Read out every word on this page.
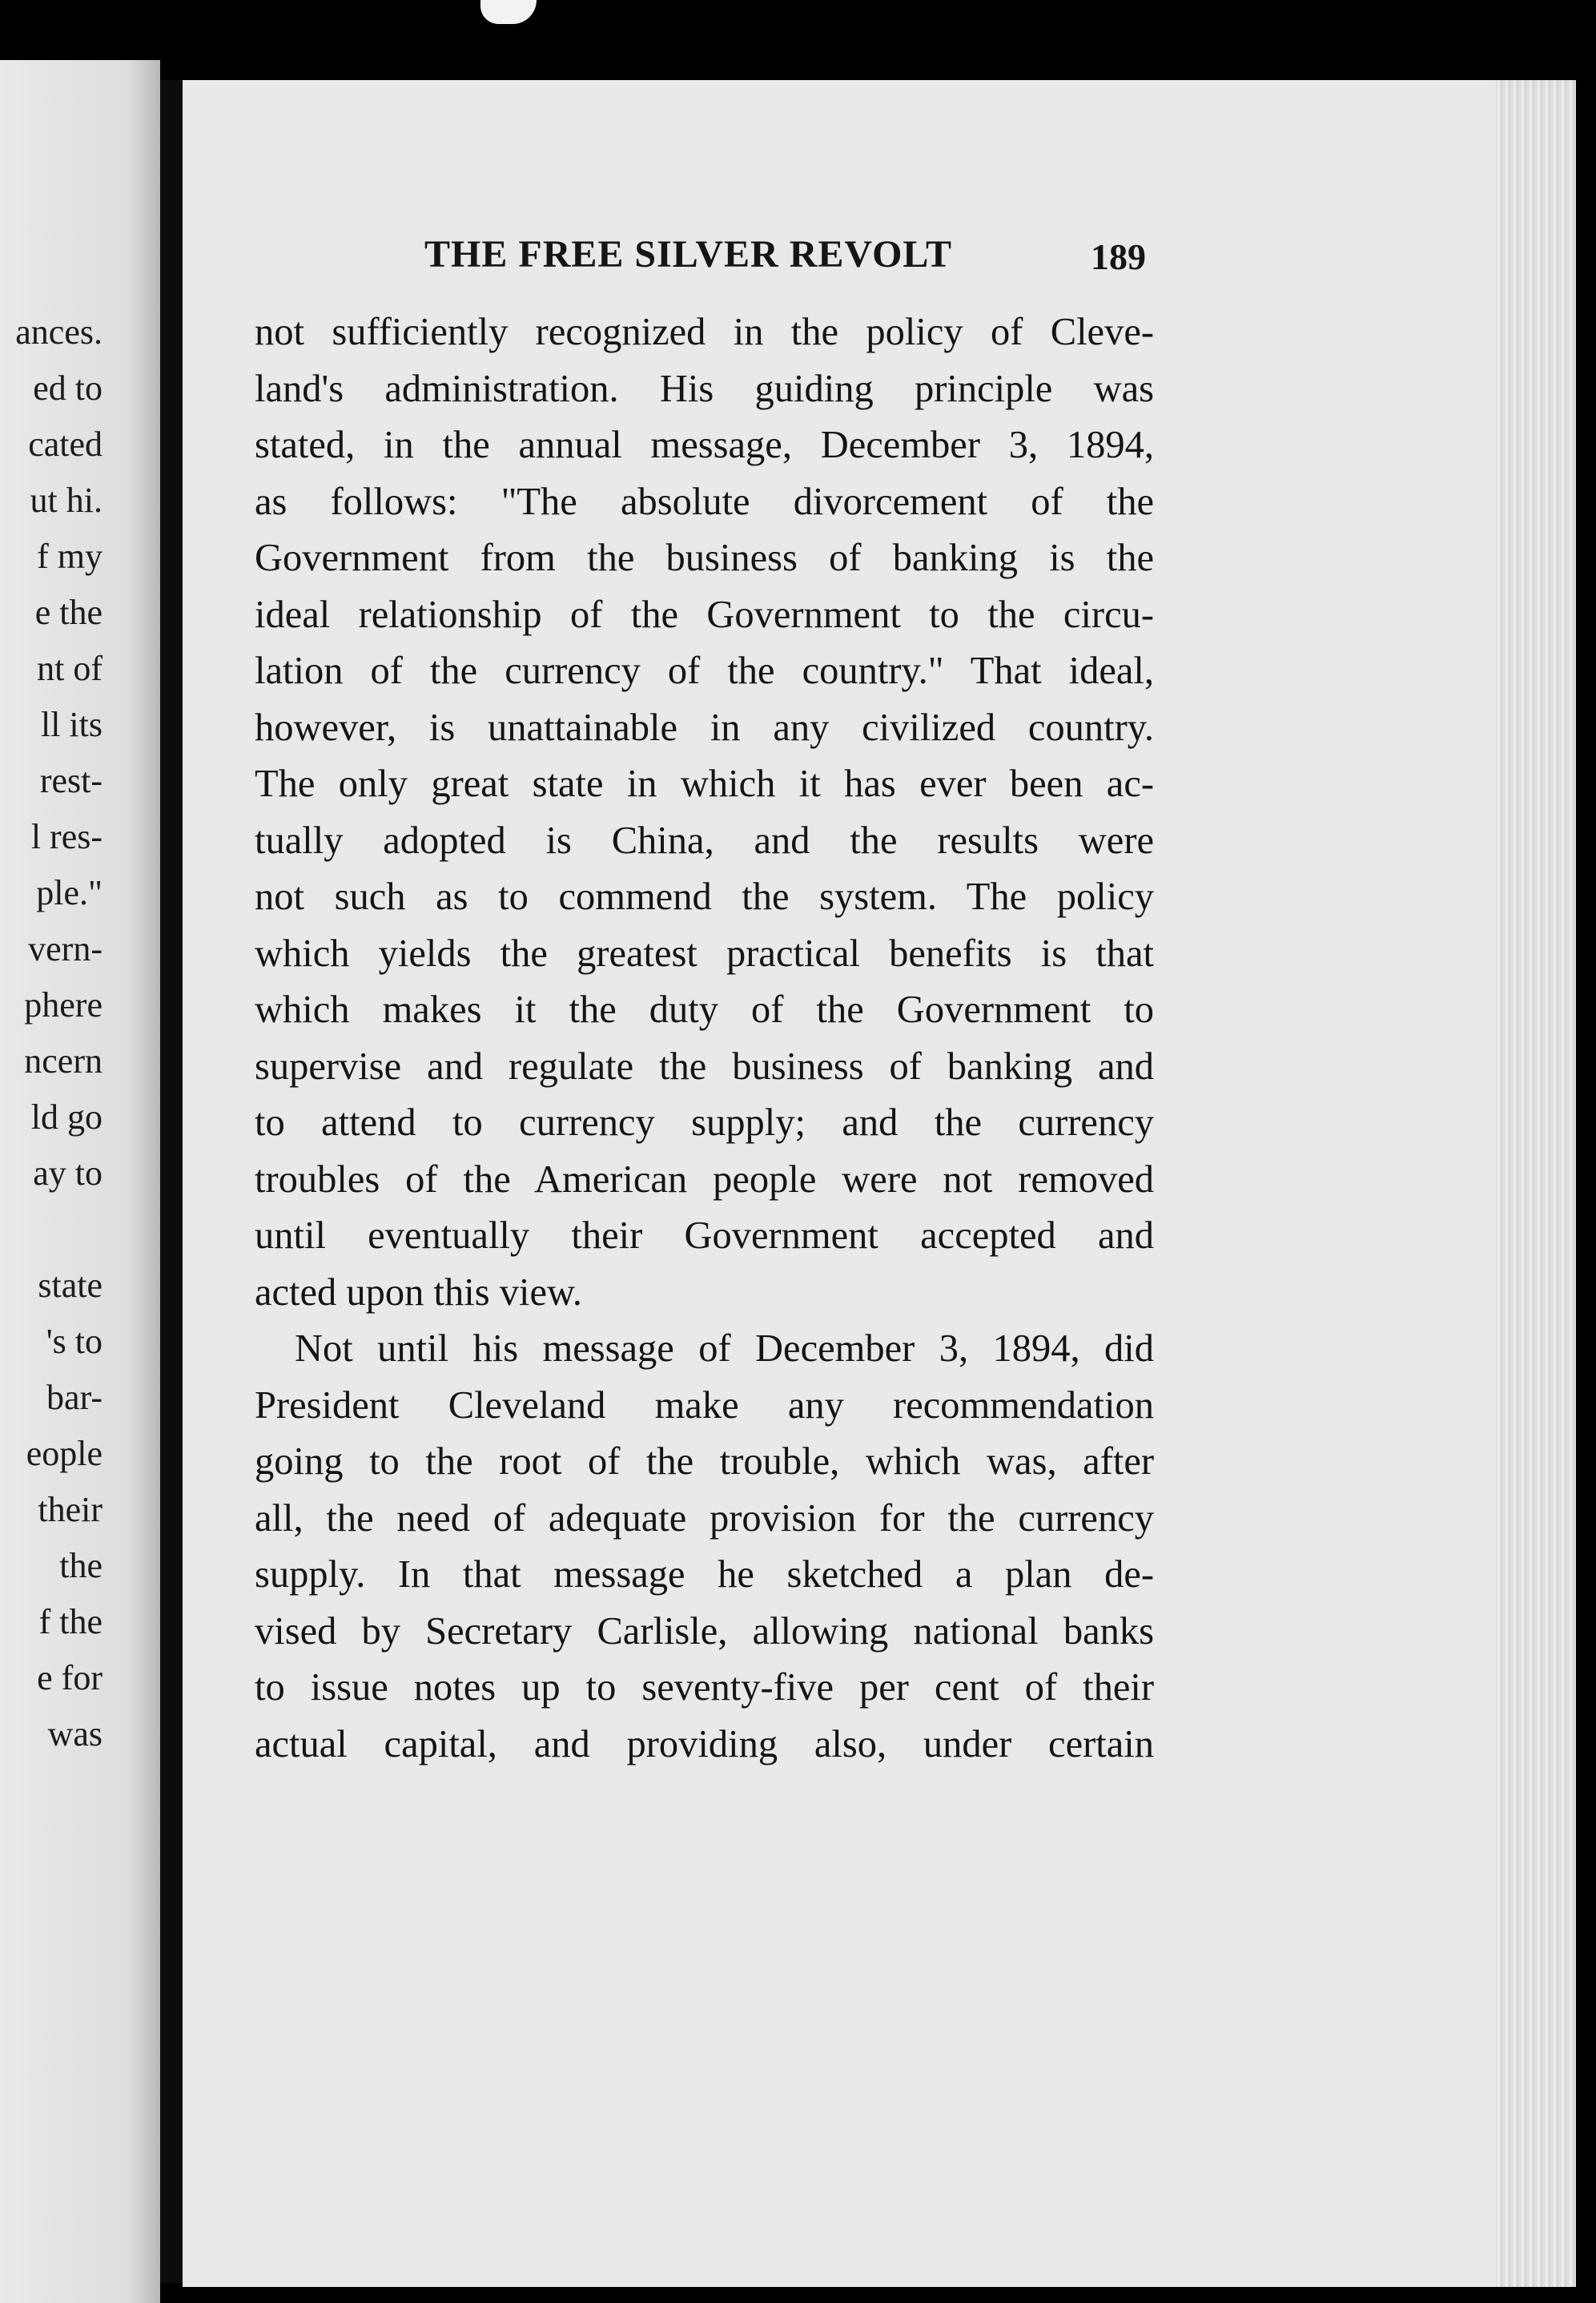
ances.
ed to
cated
ut hi.
f my
e the
nt of
ll its
rest-
l res-
ple."
vern-
phere
ncern
ld go
ay to
state
's to
bar-
eople
their
the
f the
e for
was
THE FREE SILVER REVOLT	189
not sufficiently recognized in the policy of Cleve-
land's administration. His guiding principle was
stated, in the annual message, December 3, 1894,
as follows: "The absolute divorcement of the
Government from the business of banking is the
ideal relationship of the Government to the circu-
lation of the currency of the country." That ideal,
however, is unattainable in any civilized country.
The only great state in which it has ever been ac-
tually adopted is China, and the results were
not such as to commend the system. The policy
which yields the greatest practical benefits is that
which makes it the duty of the Government to
supervise and regulate the business of banking and
to attend to currency supply; and the currency
troubles of the American people were not removed
until eventually their Government accepted and
acted upon this view.
Not until his message of December 3, 1894, did
President Cleveland make any recommendation
going to the root of the trouble, which was, after
all, the need of adequate provision for the currency
supply. In that message he sketched a plan de-
vised by Secretary Carlisle, allowing national banks
to issue notes up to seventy-five per cent of their
actual capital, and providing also, under certain
